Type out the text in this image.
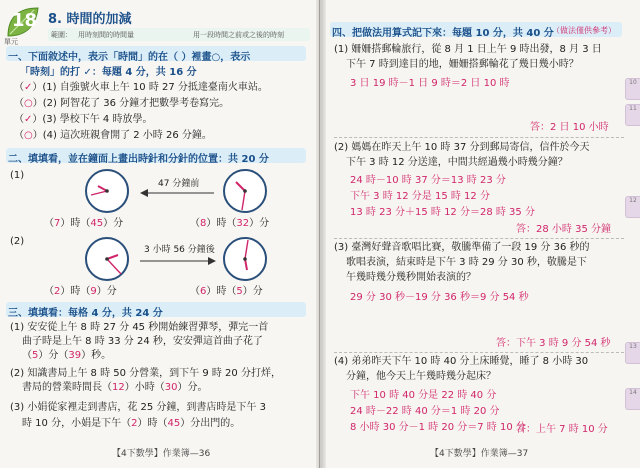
18
單元
8. 時間的加減
範圍： 用時刻間的時間量	用一段時間之前或之後的時刻
一、下面敘述中，表示「時間」的在（ ）裡畫○，表示
「時刻」的打 ✓：每題 4 分，共 16 分
（✓）(1) 自強號火車上午 10 時 27 分抵達臺南火車站。
（○）(2) 阿智花了 36 分鐘才把數學考卷寫完。
（✓）(3) 學校下午 4 時放學。
（○）(4) 這次班親會開了 2 小時 26 分鐘。
二、填填看，並在鐘面上畫出時針和分針的位置：共 20 分
(1)
47 分鐘前
（7）時（45）分	（8）時（32）分
(2)
3 小時 56 分鐘後
（2）時（9）分	（6）時（5）分
三、填填看：每格 4 分，共 24 分
(1) 安安從上午 8 時 27 分 45 秒開始練習彈琴，彈完一首
曲子時是上午 8 時 33 分 24 秒，安安彈這首曲子花了
（5）分（39）秒。
(2) 知識書局上午 8 時 50 分營業，到下午 9 時 20 分打烊，
書局的營業時間長（12）小時（30）分。
(3) 小娟從家裡走到書店，花 25 分鐘，到書店時是下午 3
時 10 分，小娟是下午（2）時（45）分出門的。
【4下數學】作業簿—36
四、把做法用算式記下來：每題 10 分，共 40 分
（做法僅供參考）
(1) 姍姍搭郵輪旅行，從 8 月 1 日上午 9 時出發，8 月 3 日
下午 7 時到達目的地，姍姍搭郵輪花了幾日幾小時？
3 日 19 時－1 日 9 時＝2 日 10 時
答：2 日 10 小時
(2) 媽媽在昨天上午 10 時 37 分到郵局寄信，信件於今天
下午 3 時 12 分送達，中間共經過幾小時幾分鐘？
24 時－10 時 37 分＝13 時 23 分
下午 3 時 12 分是 15 時 12 分
13 時 23 分＋15 時 12 分＝28 時 35 分
答：28 小時 35 分鐘
(3) 臺灣好聲音歌唱比賽，敬騰準備了一段 19 分 36 秒的
歌唱表演，結束時是下午 3 時 29 分 30 秒，敬騰是下
午幾時幾分幾秒開始表演的？
29 分 30 秒－19 分 36 秒＝9 分 54 秒
答：下午 3 時 9 分 54 秒
(4) 弟弟昨天下午 10 時 40 分上床睡覺，睡了 8 小時 30
分鐘，他今天上午幾時幾分起床？
下午 10 時 40 分是 22 時 40 分
24 時－22 時 40 分＝1 時 20 分
8 小時 30 分－1 時 20 分＝7 時 10 分
答：上午 7 時 10 分
【4下數學】作業簿—37
10
11
12
13
14
